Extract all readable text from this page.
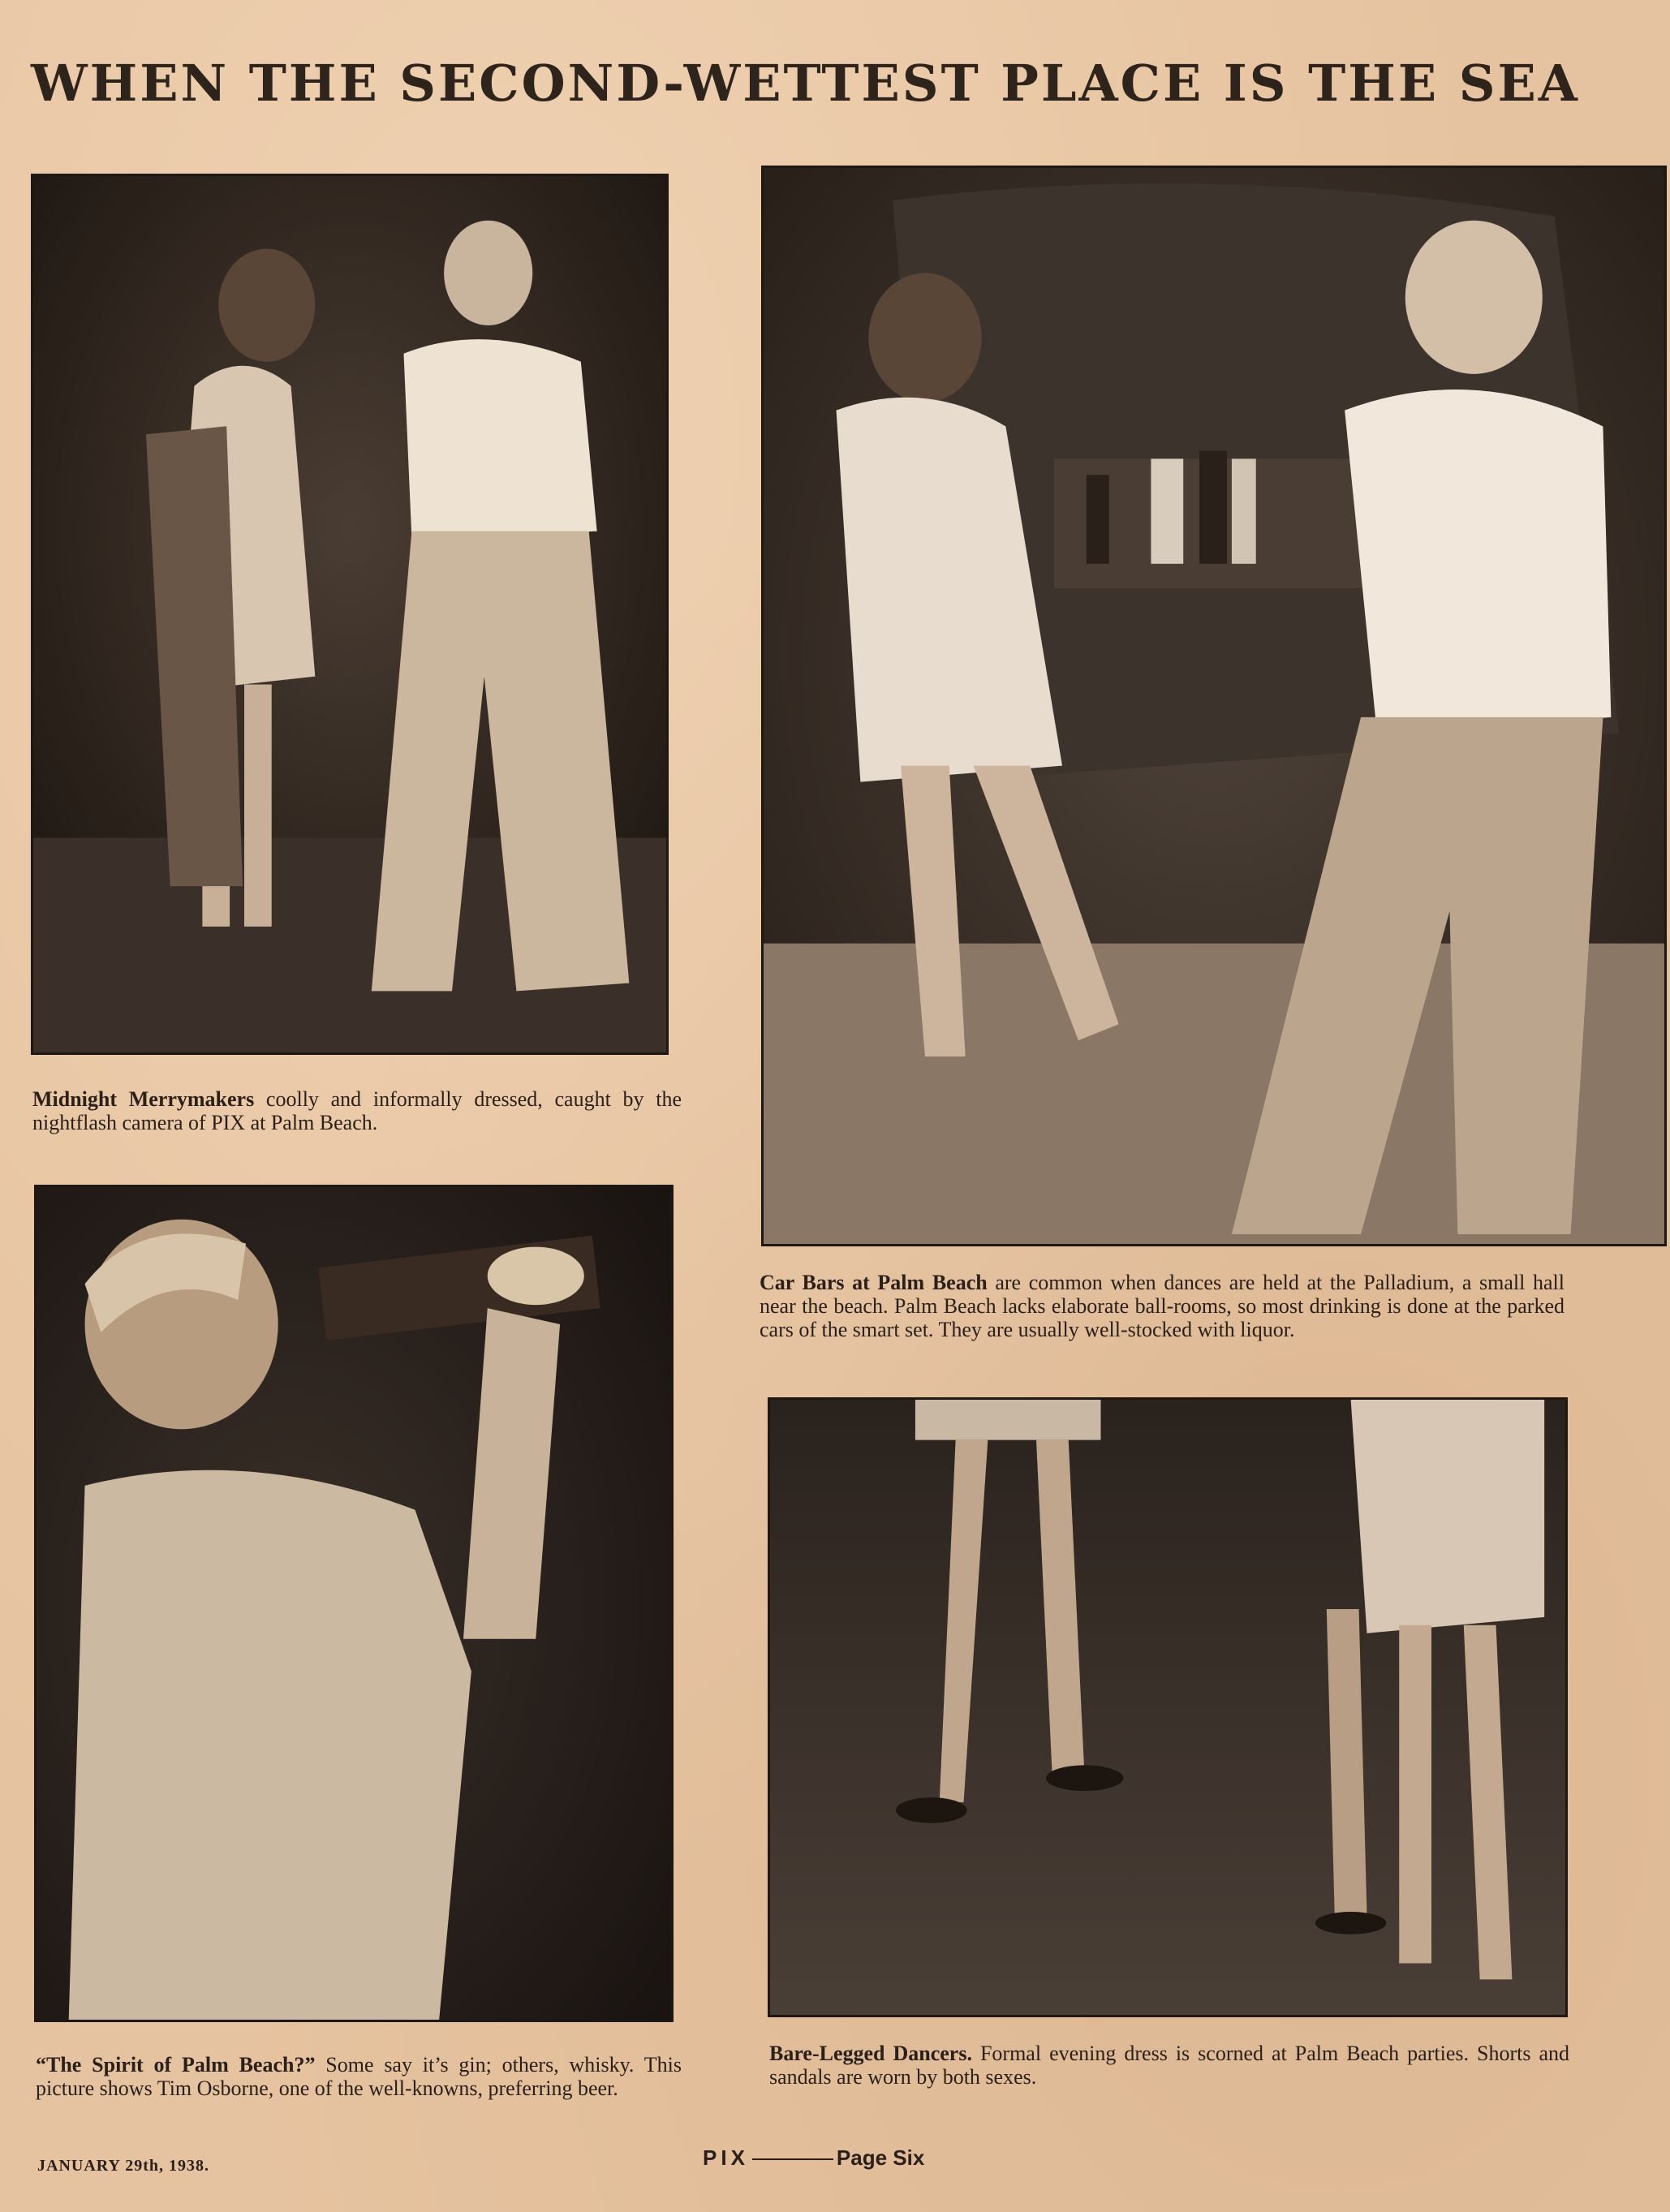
WHEN THE SECOND-WETTEST PLACE IS THE SEA

Midnight Merrymakers coolly and informally dressed, caught by the nightflash camera of PIX at Palm Beach.

Car Bars at Palm Beach are common when dances are held at the Palladium, a small hall near the beach. Palm Beach lacks elaborate ball-rooms, so most drinking is done at the parked cars of the smart set. They are usually well-stocked with liquor.

“The Spirit of Palm Beach?” Some say it’s gin; others, whisky. This picture shows Tim Osborne, one of the well-knowns, preferring beer.

Bare-Legged Dancers. Formal evening dress is scorned at Palm Beach parties. Shorts and sandals are worn by both sexes.

JANUARY 29th, 1938.	PIX	Page Six
